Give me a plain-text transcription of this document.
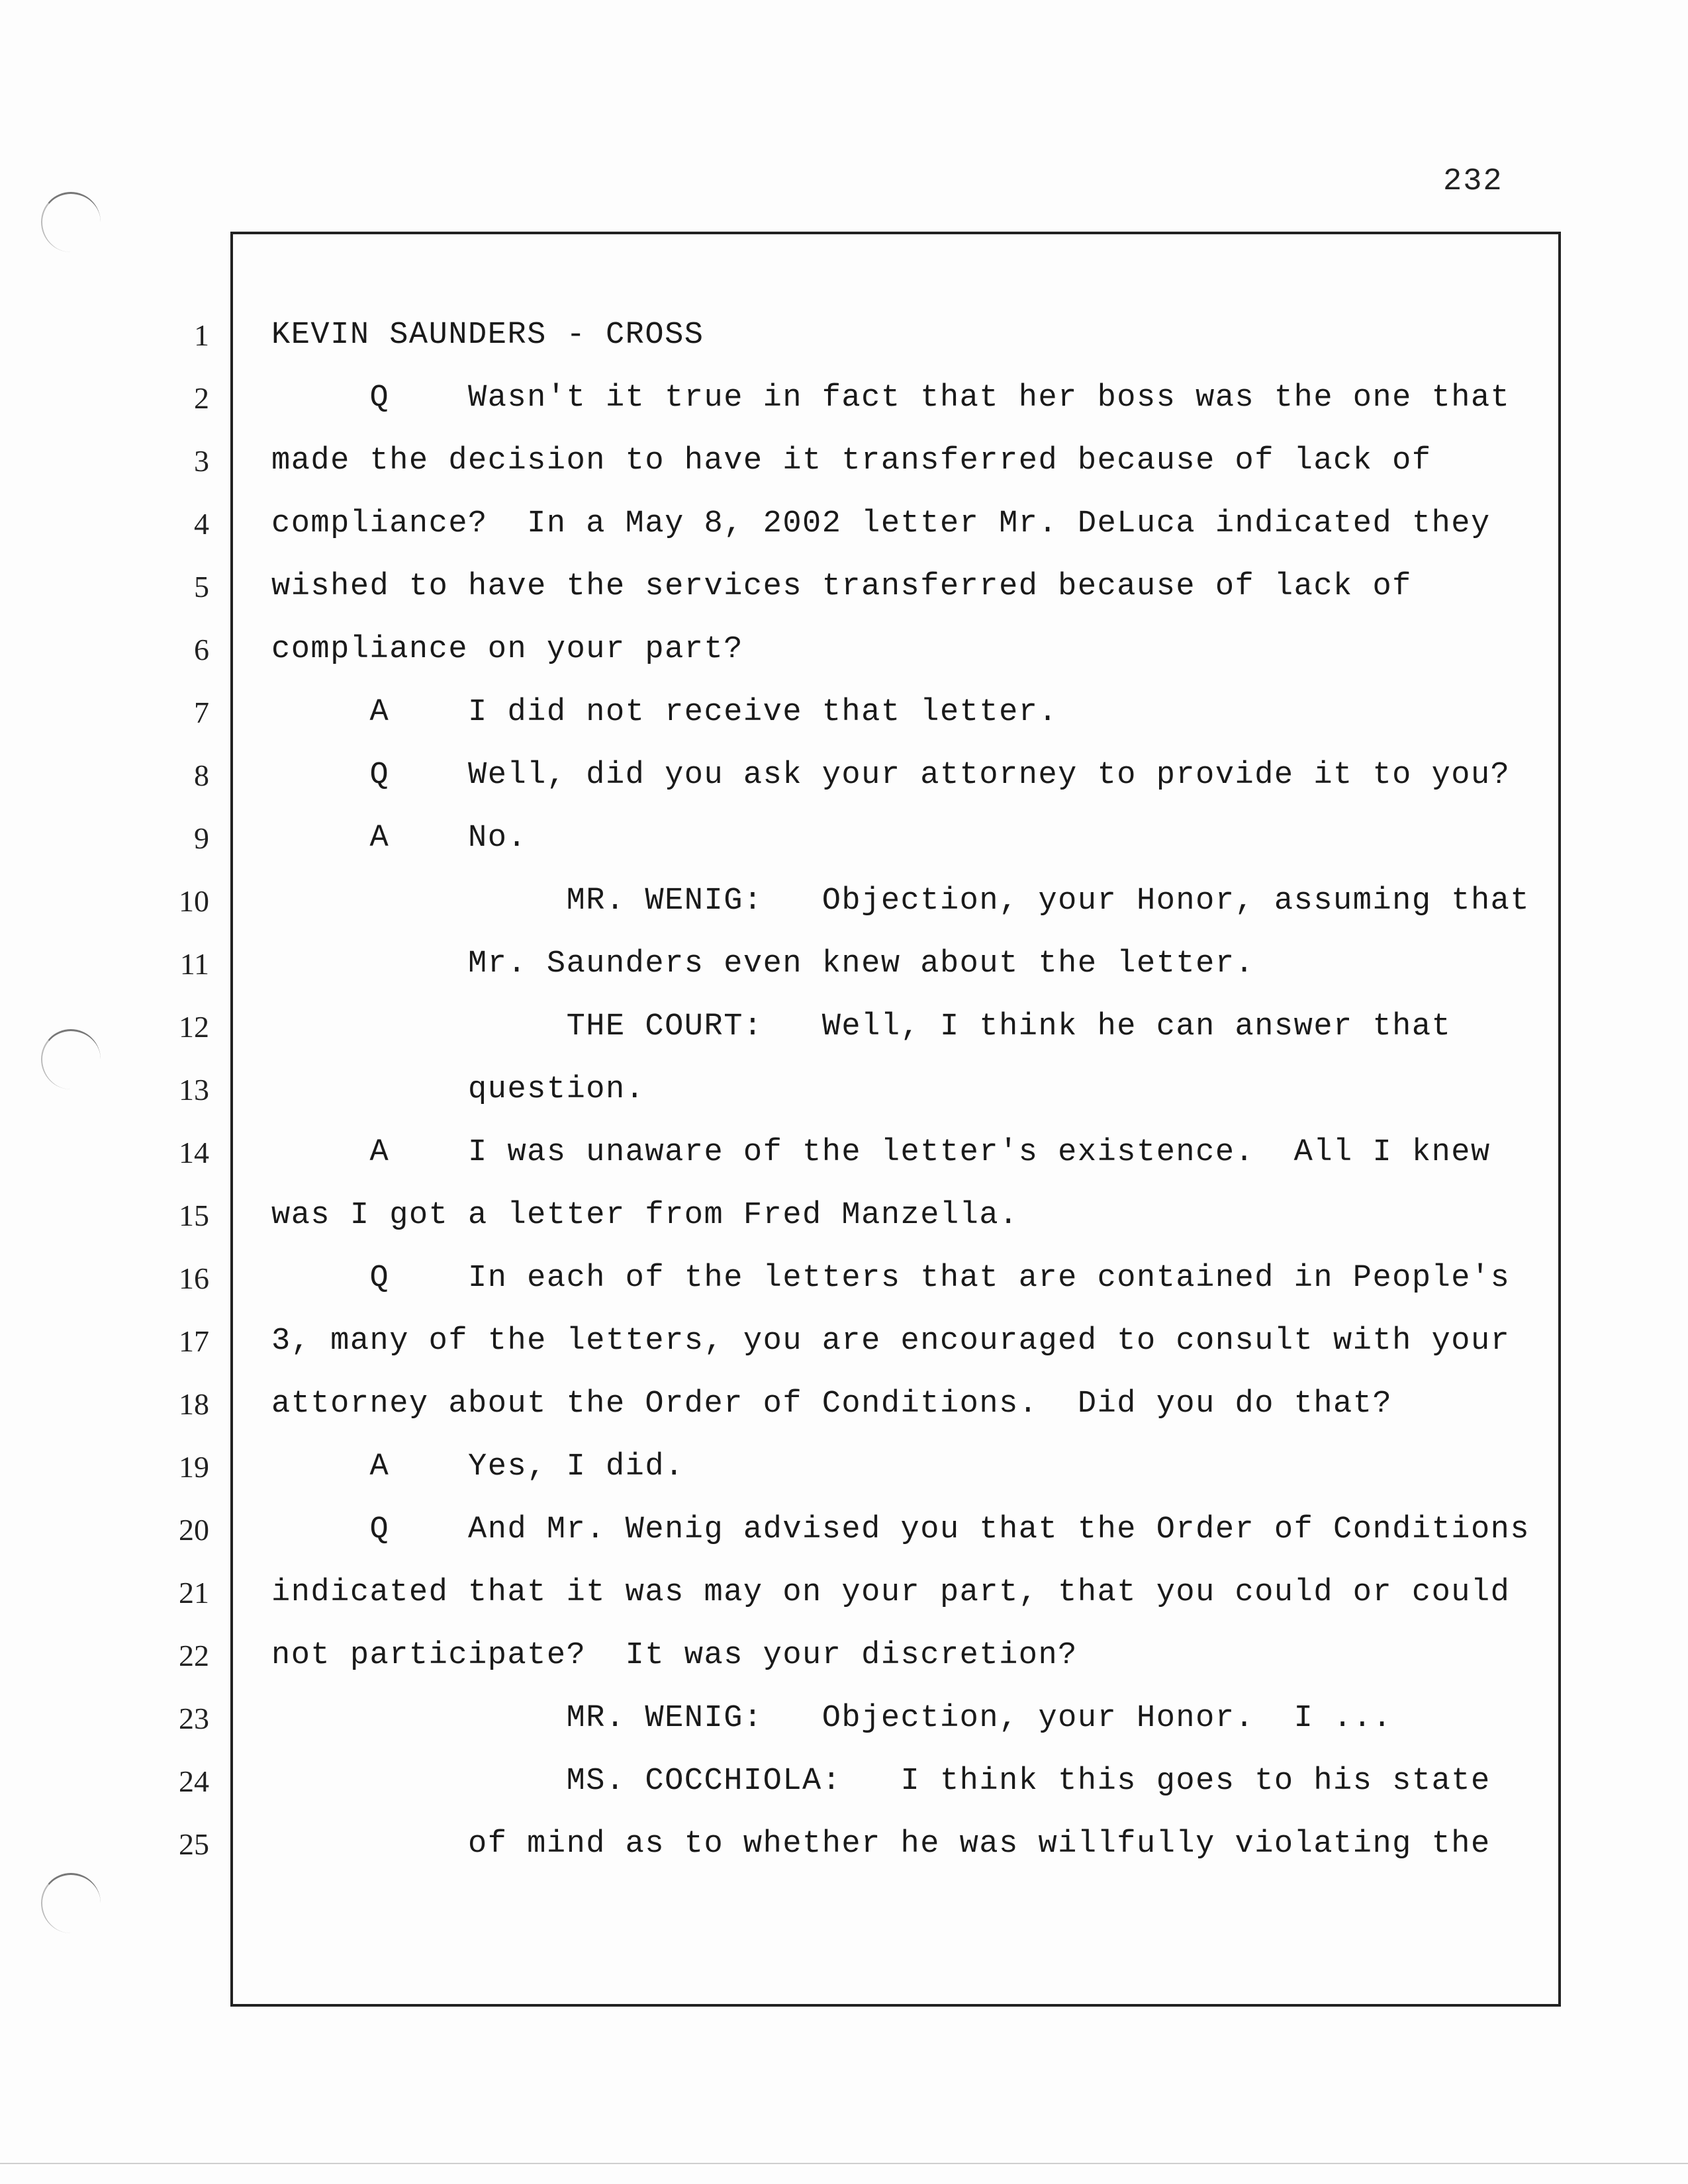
232
1
2
3
4
5
6
7
8
9
10
11
12
13
14
15
16
17
18
19
20
21
22
23
24
25
KEVIN SAUNDERS - CROSS
Q    Wasn't it true in fact that her boss was the one that
made the decision to have it transferred because of lack of
compliance?  In a May 8, 2002 letter Mr. DeLuca indicated they
wished to have the services transferred because of lack of
compliance on your part?
A    I did not receive that letter.
Q    Well, did you ask your attorney to provide it to you?
A    No.
MR. WENIG:   Objection, your Honor, assuming that
Mr. Saunders even knew about the letter.
THE COURT:   Well, I think he can answer that
question.
A    I was unaware of the letter's existence.  All I knew
was I got a letter from Fred Manzella.
Q    In each of the letters that are contained in People's
3, many of the letters, you are encouraged to consult with your
attorney about the Order of Conditions.  Did you do that?
A    Yes, I did.
Q    And Mr. Wenig advised you that the Order of Conditions
indicated that it was may on your part, that you could or could
not participate?  It was your discretion?
MR. WENIG:   Objection, your Honor.  I ...
MS. COCCHIOLA:   I think this goes to his state
of mind as to whether he was willfully violating the
